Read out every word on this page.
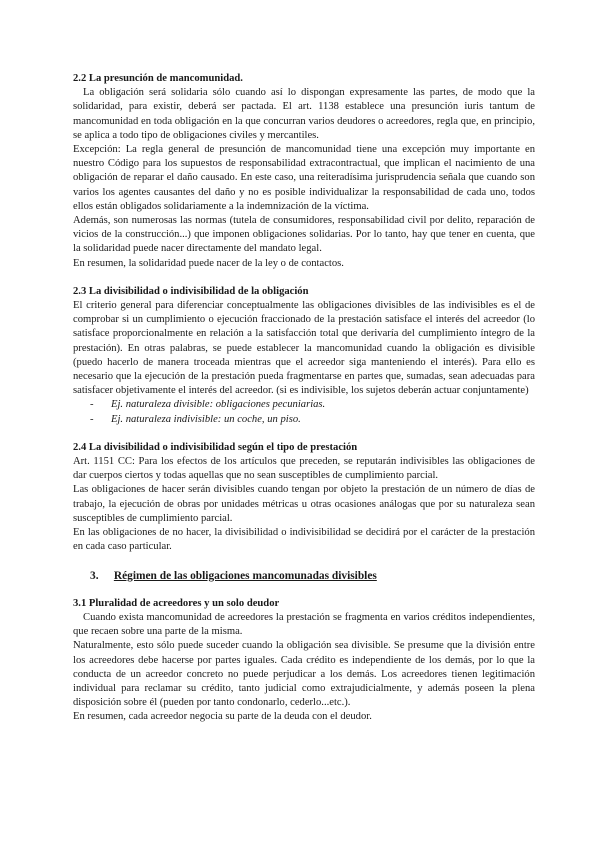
2.2 La presunción de mancomunidad.

La obligación será solidaria sólo cuando así lo dispongan expresamente las partes, de modo que la solidaridad, para existir, deberá ser pactada. El art. 1138 establece una presunción iuris tantum de mancomunidad en toda obligación en la que concurran varios deudores o acreedores, regla que, en principio, se aplica a todo tipo de obligaciones civiles y mercantiles.

Excepción: La regla general de presunción de mancomunidad tiene una excepción muy importante en nuestro Código para los supuestos de responsabilidad extracontractual, que implican el nacimiento de una obligación de reparar el daño causado. En este caso, una reiteradísima jurisprudencia señala que cuando son varios los agentes causantes del daño y no es posible individualizar la responsabilidad de cada uno, todos ellos están obligados solidariamente a la indemnización de la víctima.

Además, son numerosas las normas (tutela de consumidores, responsabilidad civil por delito, reparación de vicios de la construcción...) que imponen obligaciones solidarias. Por lo tanto, hay que tener en cuenta, que la solidaridad puede nacer directamente del mandato legal.

En resumen, la solidaridad puede nacer de la ley o de contactos.

2.3 La divisibilidad o indivisibilidad de la obligación

El criterio general para diferenciar conceptualmente las obligaciones divisibles de las indivisibles es el de comprobar si un cumplimiento o ejecución fraccionado de la prestación satisface el interés del acreedor (lo satisface proporcionalmente en relación a la satisfacción total que derivaría del cumplimiento íntegro de la prestación). En otras palabras, se puede establecer la mancomunidad cuando la obligación es divisible (puedo hacerlo de manera troceada mientras que el acreedor siga manteniendo el interés). Para ello es necesario que la ejecución de la prestación pueda fragmentarse en partes que, sumadas, sean adecuadas para satisfacer objetivamente el interés del acreedor. (si es indivisible, los sujetos deberán actuar conjuntamente)

- Ej. naturaleza divisible: obligaciones pecuniarias.
- Ej. naturaleza indivisible: un coche, un piso.
2.4 La divisibilidad o indivisibilidad según el tipo de prestación

Art. 1151 CC: Para los efectos de los artículos que preceden, se reputarán indivisibles las obligaciones de dar cuerpos ciertos y todas aquellas que no sean susceptibles de cumplimiento parcial.

Las obligaciones de hacer serán divisibles cuando tengan por objeto la prestación de un número de días de trabajo, la ejecución de obras por unidades métricas u otras ocasiones análogas que por su naturaleza sean susceptibles de cumplimiento parcial.

En las obligaciones de no hacer, la divisibilidad o indivisibilidad se decidirá por el carácter de la prestación en cada caso particular.

3. Régimen de las obligaciones mancomunadas divisibles
3.1 Pluralidad de acreedores y un solo deudor

Cuando exista mancomunidad de acreedores la prestación se fragmenta en varios créditos independientes, que recaen sobre una parte de la misma.

Naturalmente, esto sólo puede suceder cuando la obligación sea divisible. Se presume que la división entre los acreedores debe hacerse por partes iguales. Cada crédito es independiente de los demás, por lo que la conducta de un acreedor concreto no puede perjudicar a los demás. Los acreedores tienen legitimación individual para reclamar su crédito, tanto judicial como extrajudicialmente, y además poseen la plena disposición sobre él (pueden por tanto condonarlo, cederlo...etc.).

En resumen, cada acreedor negocia su parte de la deuda con el deudor.
